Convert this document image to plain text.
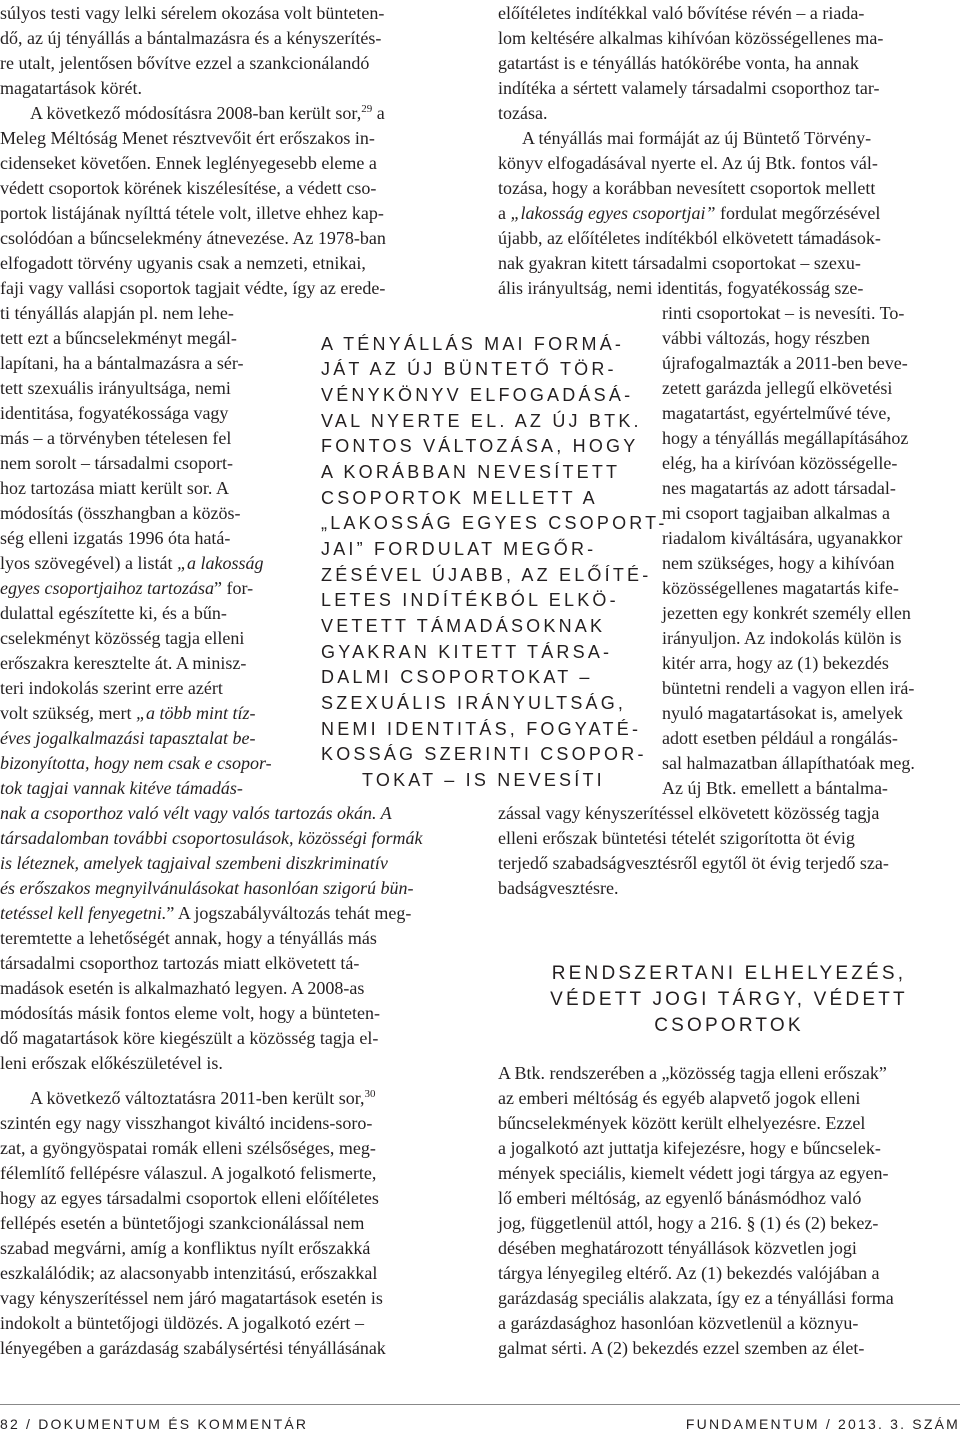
súlyos testi vagy lelki sérelem okozása volt bünteten-
dő, az új tényállás a bántalmazásra és a kényszerítés-
re utalt, jelentősen bővítve ezzel a szankcionálandó
magatartások körét.
A következő módosításra 2008-ban került sor,$^{29}$ a
Meleg Méltóság Menet résztvevőit ért erőszakos in-
cidenseket követően. Ennek leglényegesebb eleme a
védett csoportok körének kiszélesítése, a védett cso-
portok listájának nyílttá tétele volt, illetve ehhez kap-
csolódóan a bűncselekmény átnevezése. Az 1978-ban
elfogadott törvény ugyanis csak a nemzeti, etnikai,
faji vagy vallási csoportok tagjait védte, így az erede-
ti tényállás alapján pl. nem lehe-
tett ezt a bűncselekményt megál-
lapítani, ha a bántalmazásra a sér-
tett szexuális irányultsága, nemi
identitása, fogyatékossága vagy
más – a törvényben tételesen fel
nem sorolt – társadalmi csoport-
hoz tartozása miatt került sor. A
módosítás (összhangban a közös-
ség elleni izgatás 1996 óta hatá-
lyos szövegével) a listát „a lakosság
egyes csoportjaihoz tartozása” for-
dulattal egészítette ki, és a bűn-
cselekményt közösség tagja elleni
erőszakra keresztelte át. A minisz-
teri indokolás szerint erre azért
volt szükség, mert „a több mint tíz-
éves jogalkalmazási tapasztalat be-
bizonyította, hogy nem csak e csopor-
tok tagjai vannak kitéve támadás-
nak a csoporthoz való vélt vagy valós tartozás okán. A
társadalomban további csoportosulások, közösségi formák
is léteznek, amelyek tagjaival szembeni diszkriminatív
és erőszakos megnyilvánulásokat hasonlóan szigorú bün-
tetéssel kell fenyegetni.” A jogszabályváltozás tehát meg-
teremtette a lehetőségét annak, hogy a tényállás más
társadalmi csoporthoz tartozás miatt elkövetett tá-
madások esetén is alkalmazható legyen. A 2008-as
módosítás másik fontos eleme volt, hogy a bünteten-
dő magatartások köre kiegészült a közösség tagja el-
leni erőszak előkészületével is.
A következő változtatásra 2011-ben került sor,$^{30}$
szintén egy nagy visszhangot kiváltó incidens-soro-
zat, a gyöngyöspatai romák elleni szélsőséges, meg-
félemlítő fellépésre válaszul. A jogalkotó felismerte,
hogy az egyes társadalmi csoportok elleni előítéletes
fellépés esetén a büntetőjogi szankcionálással nem
szabad megvárni, amíg a konfliktus nyílt erőszakká
eszkalálódik; az alacsonyabb intenzitású, erőszakkal
vagy kényszerítéssel nem járó magatartások esetén is
indokolt a büntetőjogi üldözés. A jogalkotó ezért –
lényegében a garázdaság szabálysértési tényállásának
A TÉNYÁLLÁS MAI FORMÁ-
JÁT AZ ÚJ BÜNTETŐ TÖR-
VÉNYKÖNYV ELFOGADÁSÁ-
VAL NYERTE EL. AZ ÚJ BTK.
FONTOS VÁLTOZÁSA, HOGY
A KORÁBBAN NEVESÍTETT
CSOPORTOK MELLETT A
„LAKOSSÁG EGYES CSOPORT-
JAI” FORDULAT MEGŐR-
ZÉSÉVEL ÚJABB, AZ ELŐÍTÉ-
LETES INDÍTÉKBÓL ELKÖ-
VETETT TÁMADÁSOKNAK
GYAKRAN KITETT TÁRSA-
DALMI CSOPORTOKAT –
SZEXUÁLIS IRÁNYULTSÁG,
NEMI IDENTITÁS, FOGYATÉ-
KOSSÁG SZERINTI CSOPOR-
TOKAT – IS NEVESÍTI
előítéletes indítékkal való bővítése révén – a riada-
lom keltésére alkalmas kihívóan közösségellenes ma-
gatartást is e tényállás hatókörébe vonta, ha annak
indítéka a sértett valamely társadalmi csoporthoz tar-
tozása.
A tényállás mai formáját az új Büntető Törvény-
könyv elfogadásával nyerte el. Az új Btk. fontos vál-
tozása, hogy a korábban nevesített csoportok mellett
a „lakosság egyes csoportjai” fordulat megőrzésével
újabb, az előítéletes indítékból elkövetett támadások-
nak gyakran kitett társadalmi csoportokat – szexu-
ális irányultság, nemi identitás, fogyatékosság sze-
rinti csoportokat – is nevesíti. To-
vábbi változás, hogy részben
újrafogalmazták a 2011-ben beve-
zetett garázda jellegű elkövetési
magatartást, egyértelművé téve,
hogy a tényállás megállapításához
elég, ha a kirívóan közösségelle-
nes magatartás az adott társadal-
mi csoport tagjaiban alkalmas a
riadalom kiváltására, ugyanakkor
nem szükséges, hogy a kihívóan
közösségellenes magatartás kife-
jezetten egy konkrét személy ellen
irányuljon. Az indokolás külön is
kitér arra, hogy az (1) bekezdés
büntetni rendeli a vagyon ellen irá-
nyuló magatartásokat is, amelyek
adott esetben például a rongálás-
sal halmazatban állapíthatóak meg.
Az új Btk. emellett a bántalma-
zással vagy kényszerítéssel elkövetett közösség tagja
elleni erőszak büntetési tételét szigorította öt évig
terjedő szabadságvesztésről egytől öt évig terjedő sza-
badságvesztésre.
RENDSZERTANI ELHELYEZÉS,
VÉDETT JOGI TÁRGY, VÉDETT
CSOPORTOK
A Btk. rendszerében a „közösség tagja elleni erőszak”
az emberi méltóság és egyéb alapvető jogok elleni
bűncselekmények között került elhelyezésre. Ezzel
a jogalkotó azt juttatja kifejezésre, hogy e bűncselek-
mények speciális, kiemelt védett jogi tárgya az egyen-
lő emberi méltóság, az egyenlő bánásmódhoz való
jog, függetlenül attól, hogy a 216. § (1) és (2) bekez-
désében meghatározott tényállások közvetlen jogi
tárgya lényegileg eltérő. Az (1) bekezdés valójában a
garázdaság speciális alakzata, így ez a tényállási forma
a garázdasághoz hasonlóan közvetlenül a köznyu-
galmat sérti. A (2) bekezdés ezzel szemben az élet-
82 / DOKUMENTUM ÉS KOMMENTÁR	FUNDAMENTUM / 2013. 3. SZÁM
